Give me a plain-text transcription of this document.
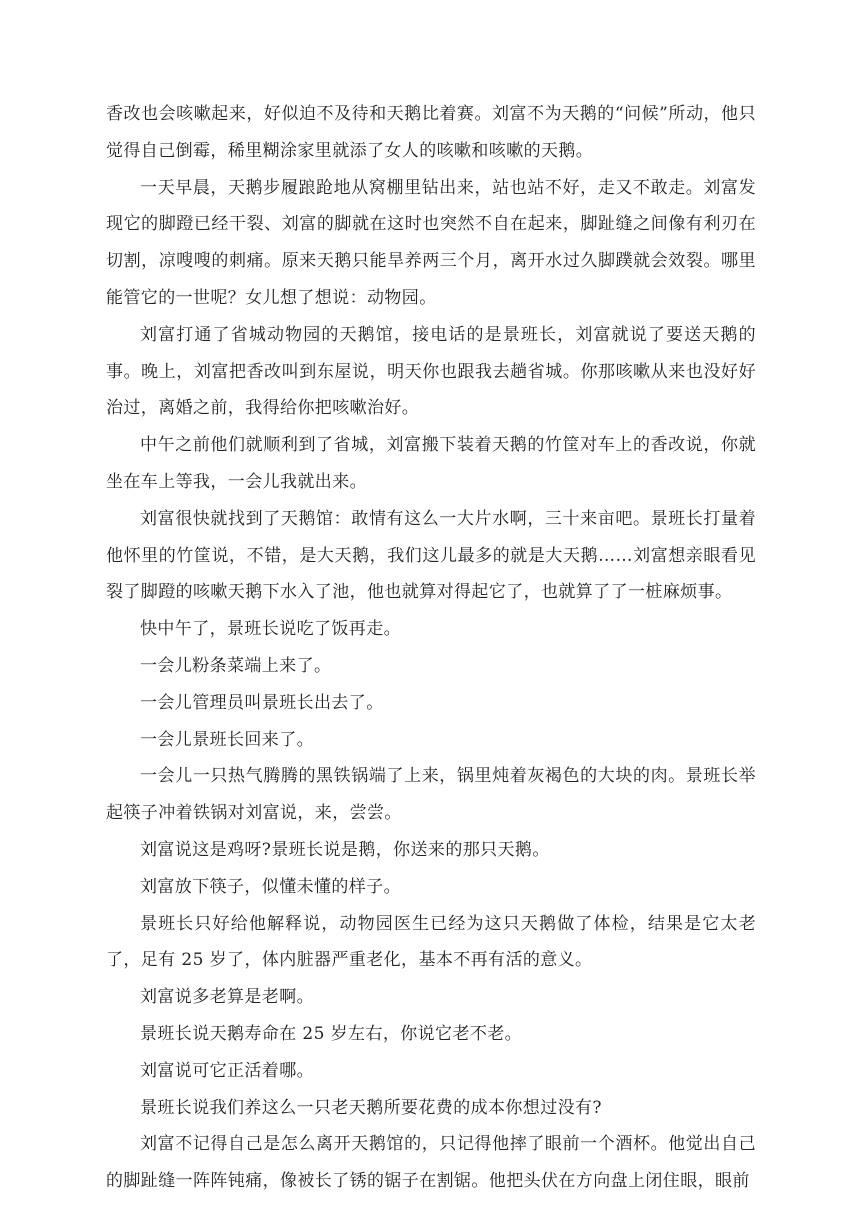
香改也会咳嗽起来，好似迫不及待和天鹅比着赛。刘富不为天鹅的“问候”所动，他只觉得自己倒霉，稀里糊涂家里就添了女人的咳嗽和咳嗽的天鹅。

一天早晨，天鹅步履踉跄地从窝棚里钻出来，站也站不好，走又不敢走。刘富发现它的脚蹬已经干裂、刘富的脚就在这时也突然不自在起来，脚趾缝之间像有利刃在切割，凉嗖嗖的刺痛。原来天鹅只能旱养两三个月，离开水过久脚蹼就会效裂。哪里能管它的一世呢？女儿想了想说：动物园。

刘富打通了省城动物园的天鹅馆，接电话的是景班长，刘富就说了要送天鹅的事。晚上，刘富把香改叫到东屋说，明天你也跟我去趟省城。你那咳嗽从来也没好好治过，离婚之前，我得给你把咳嗽治好。

中午之前他们就顺利到了省城，刘富搬下装着天鹅的竹筐对车上的香改说，你就坐在车上等我，一会儿我就出来。

刘富很快就找到了天鹅馆：敢情有这么一大片水啊，三十来亩吧。景班长打量着他怀里的竹筐说，不错，是大天鹅，我们这儿最多的就是大天鹅……刘富想亲眼看见裂了脚蹬的咳嗽天鹅下水入了池，他也就算对得起它了，也就算了了一桩麻烦事。

快中午了，景班长说吃了饭再走。

一会儿粉条菜端上来了。

一会儿管理员叫景班长出去了。

一会儿景班长回来了。

一会儿一只热气腾腾的黑铁锅端了上来，锅里炖着灰褐色的大块的肉。景班长举起筷子冲着铁锅对刘富说，来，尝尝。

刘富说这是鸡呀?景班长说是鹅，你送来的那只天鹅。

刘富放下筷子，似懂未懂的样子。

景班长只好给他解释说，动物园医生已经为这只天鹅做了体检，结果是它太老了，足有 25 岁了，体内脏器严重老化，基本不再有活的意义。

刘富说多老算是老啊。

景班长说天鹅寿命在 25 岁左右，你说它老不老。

刘富说可它正活着哪。

景班长说我们养这么一只老天鹅所要花费的成本你想过没有?

刘富不记得自己是怎么离开天鹅馆的，只记得他摔了眼前一个酒杯。他觉出自己的脚趾缝一阵阵钝痛，像被长了锈的锯子在割锯。他把头伏在方向盘上闭住眼，眼前
